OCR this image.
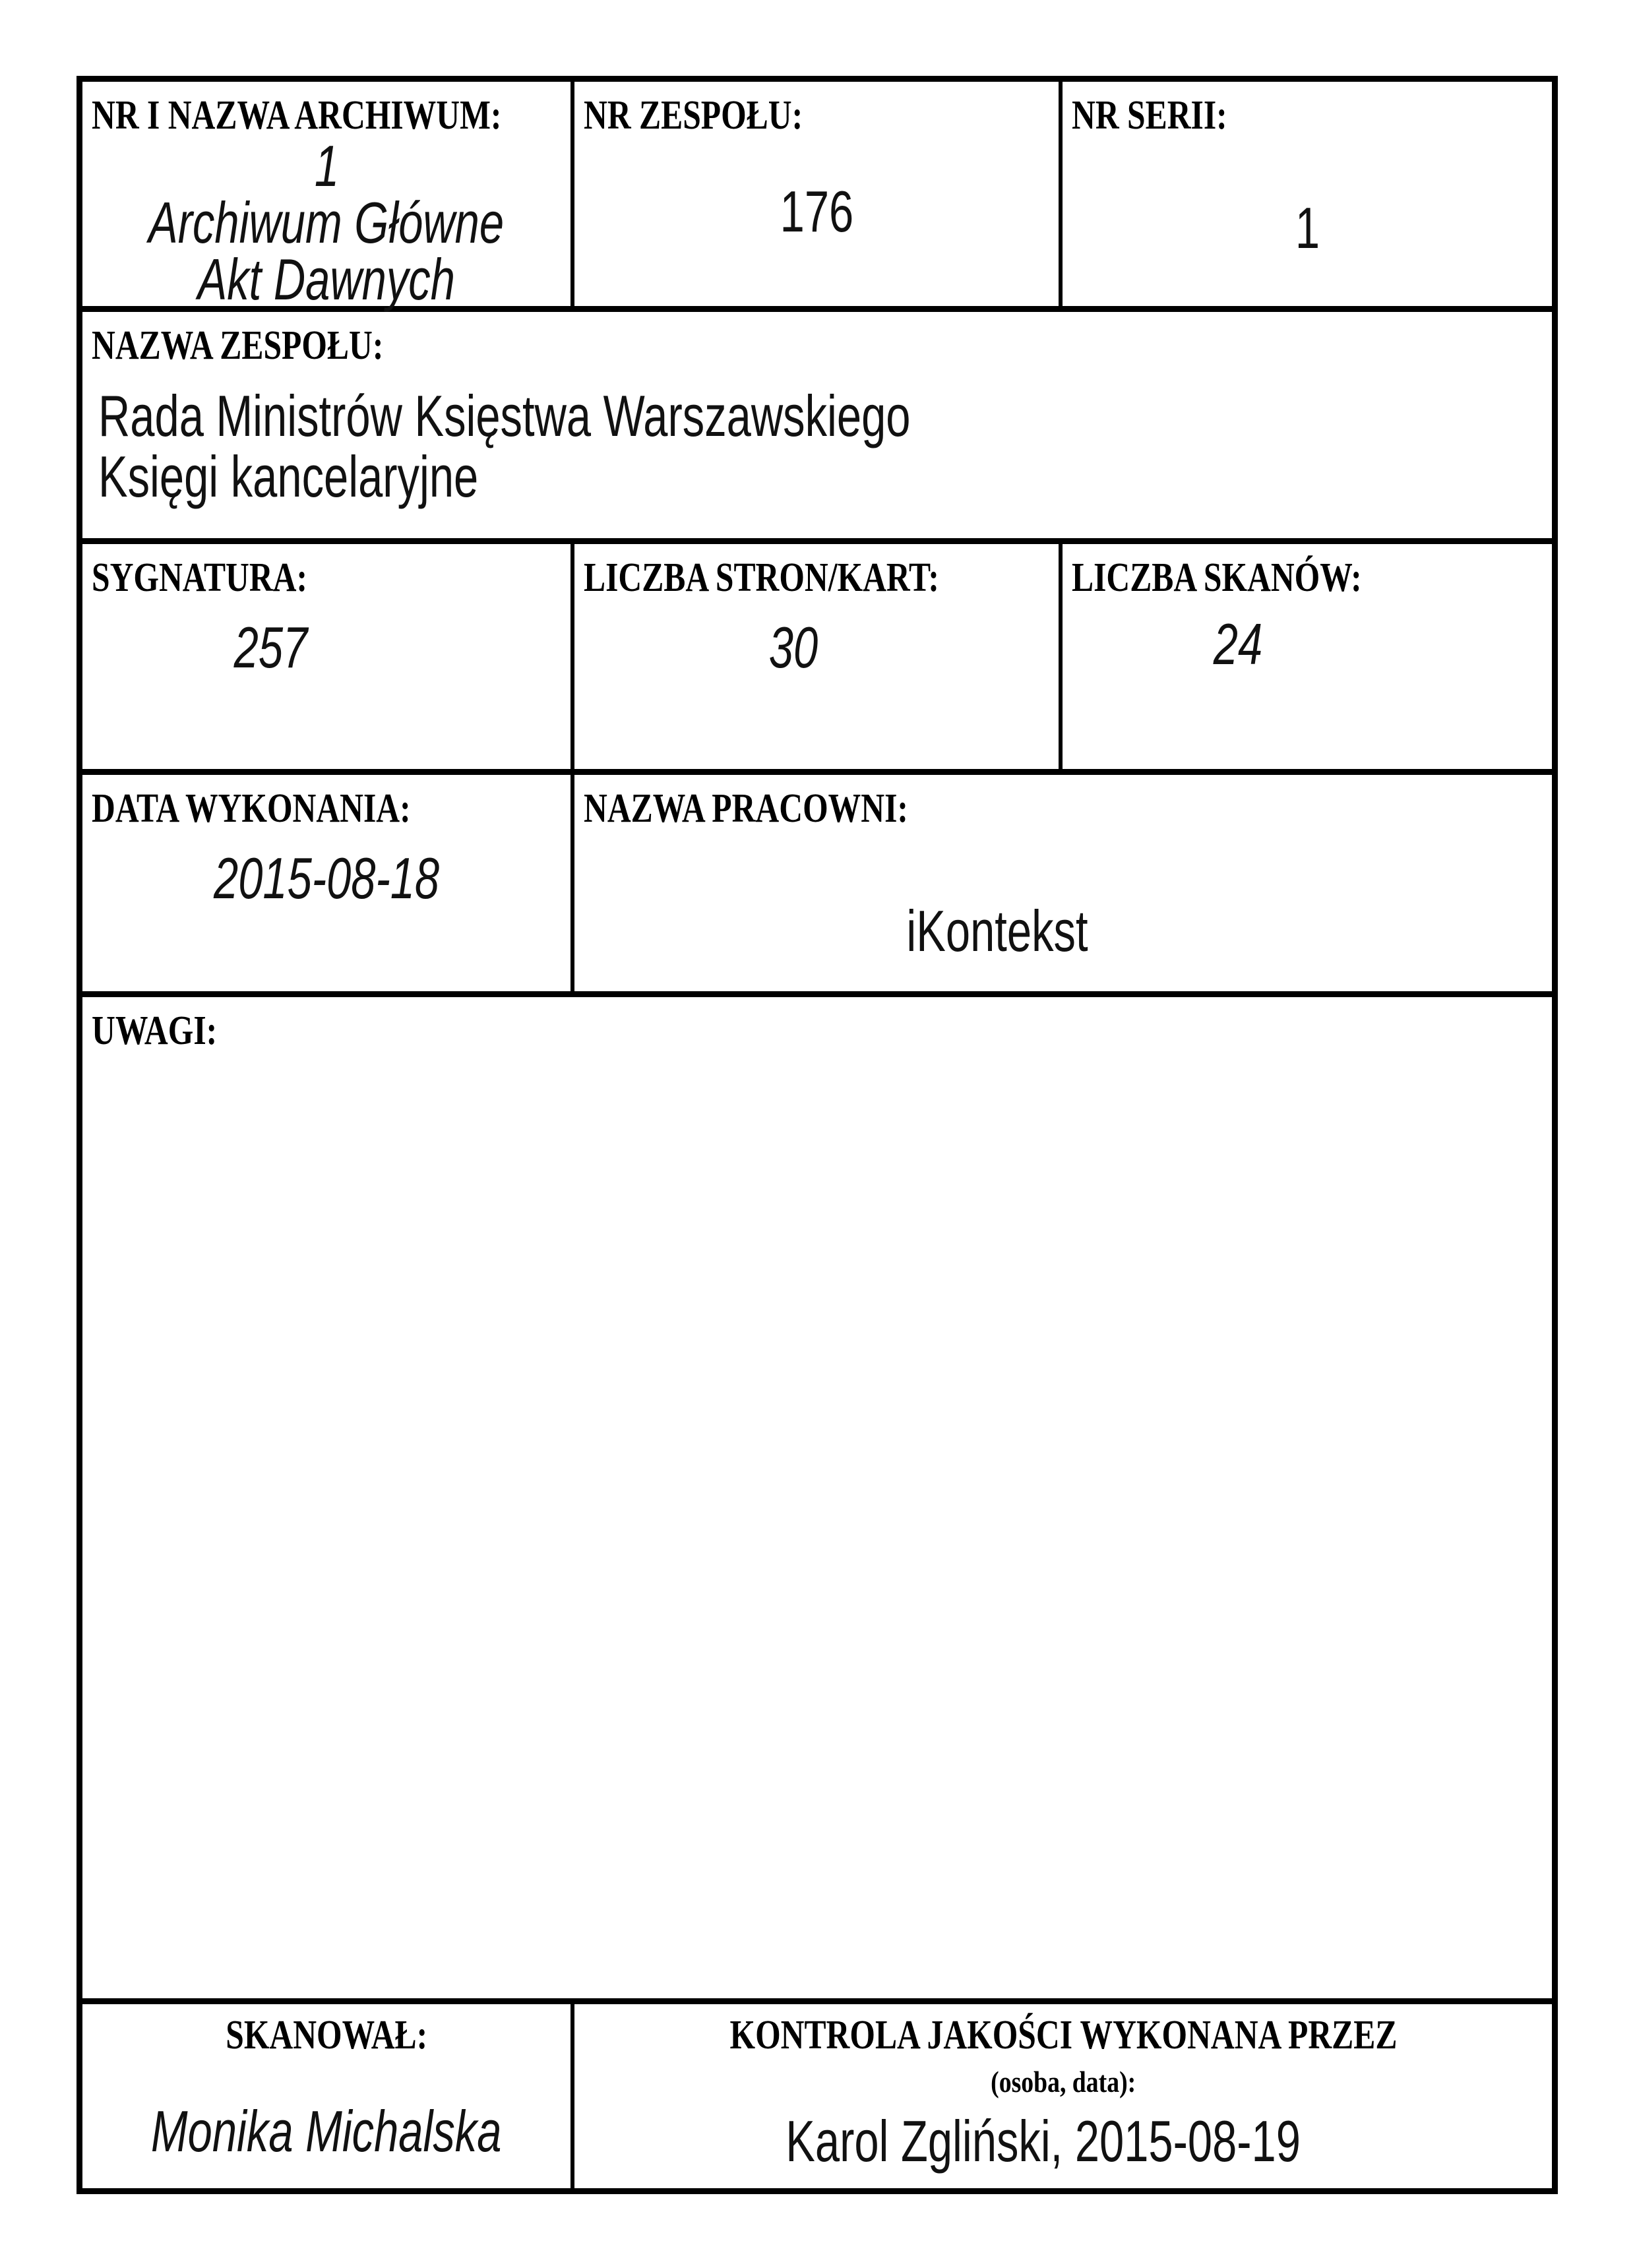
NR I NAZWA ARCHIWUM:
1
Archiwum Główne
Akt Dawnych
NR ZESPOŁU:
176
NR SERII:
1
NAZWA ZESPOŁU:
Rada Ministrów Księstwa Warszawskiego
Księgi kancelaryjne
SYGNATURA:
257
LICZBA STRON/KART:
30
LICZBA SKANÓW:
24
DATA WYKONANIA:
2015-08-18
NAZWA PRACOWNI:
iKontekst
UWAGI:
SKANOWAŁ:
Monika Michalska
KONTROLA JAKOŚCI WYKONANA PRZEZ
(osoba, data):
Karol Zgliński, 2015-08-19
